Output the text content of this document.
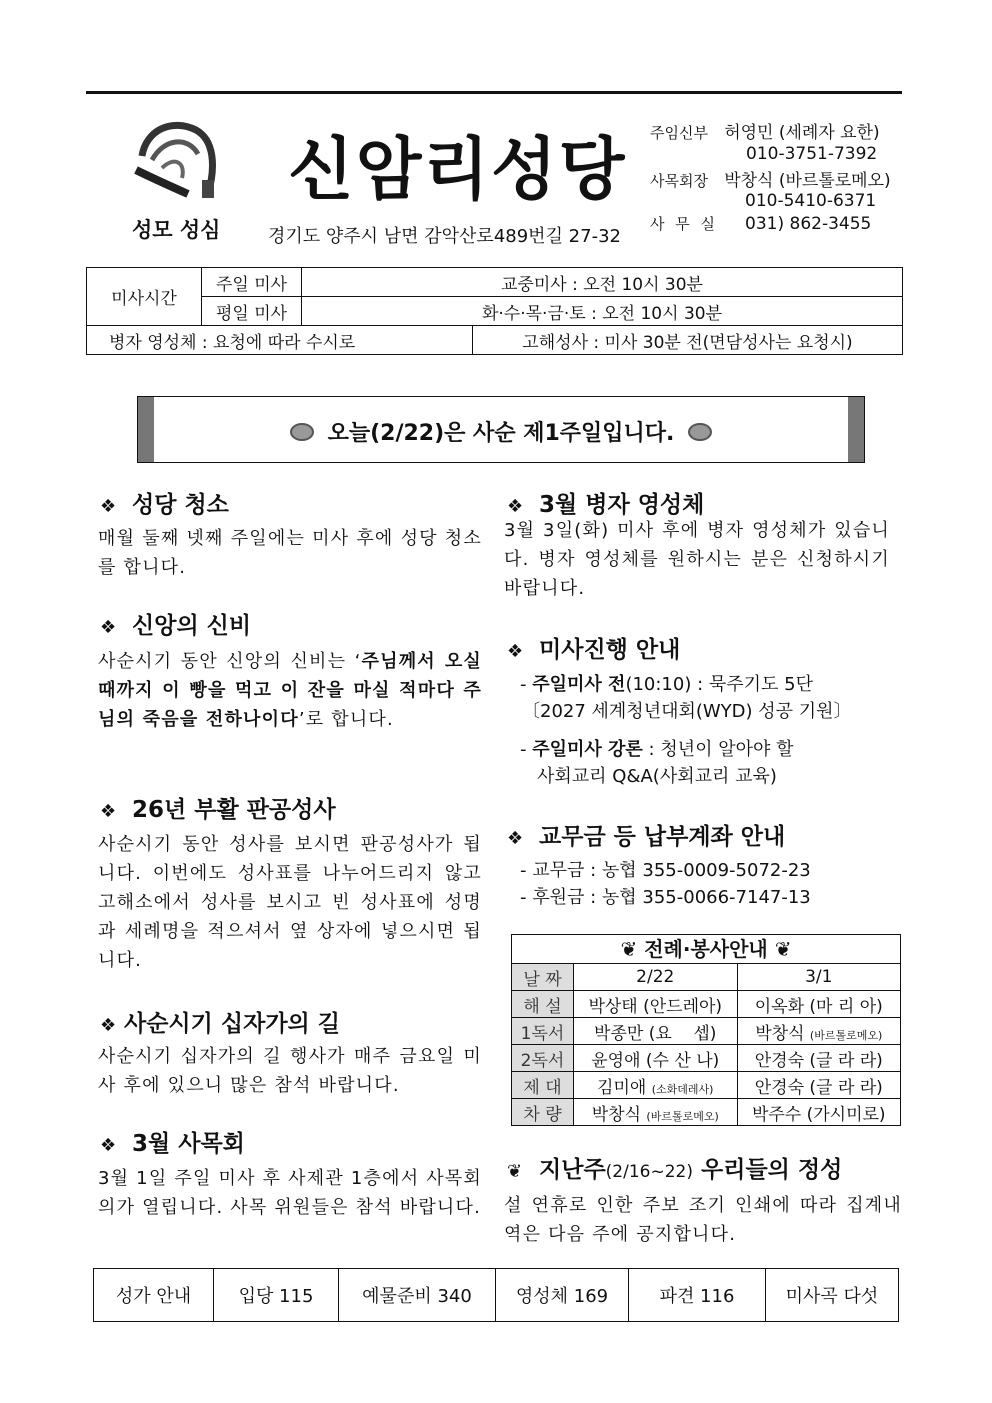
성모 성심
신암리성당
경기도 양주시 남면 감악산로489번길 27-32
주임신부 허영민 (세례자 요한)
010-3751-7392
사목회장 박창식 (바르톨로메오)
010-5410-6371
사 무 실 031) 862-3455
미사시간	주일 미사	교중미사 : 오전 10시 30분	
	평일 미사	화·수·목·금·토 : 오전 10시 30분	
병자 영성체 : 요청에 따라 수시로			고해성사 : 미사 30분 전(면담성사는 요청시)
오늘(2/22)은 사순 제1주일입니다.
❖ 성당 청소
매월 둘째 넷째 주일에는 미사 후에 성당 청소를 합니다.
❖ 신앙의 신비
사순시기 동안 신앙의 신비는 ‘주님께서 오실 때까지 이 빵을 먹고 이 잔을 마실 적마다 주님의 죽음을 전하나이다’로 합니다.
❖ 26년 부활 판공성사
사순시기 동안 성사를 보시면 판공성사가 됩니다. 이번에도 성사표를 나누어드리지 않고 고해소에서 성사를 보시고 빈 성사표에 성명과 세례명을 적으셔서 옆 상자에 넣으시면 됩니다.
❖ 사순시기 십자가의 길
사순시기 십자가의 길 행사가 매주 금요일 미사 후에 있으니 많은 참석 바랍니다.
❖ 3월 사목회
3월 1일 주일 미사 후 사제관 1층에서 사목회의가 열립니다. 사목 위원들은 참석 바랍니다.
❖ 3월 병자 영성체
3월 3일(화) 미사 후에 병자 영성체가 있습니다. 병자 영성체를 원하시는 분은 신청하시기 바랍니다.
❖ 미사진행 안내
- 주일미사 전(10:10) : 묵주기도 5단
〔2027 세계청년대회(WYD) 성공 기원〕
- 주일미사 강론 : 청년이 알아야 할
사회교리 Q&A(사회교리 교육)
❖ 교무금 등 납부계좌 안내
- 교무금 : 농협 355-0009-5072-23
- 후원금 : 농협 355-0066-7147-13
❦ 전례·봉사안내 ❦
날 짜	2/22	3/1
해 설	박상태 (안드레아)	이옥화 (마 리 아)
1독서	박종만 (요    셉)	박창식 (바르톨로메오)
2독서	윤영애 (수 산 나)	안경숙 (글 라 라)
제 대	김미애 (소화데레사)	안경숙 (글 라 라)
차 량	박창식 (바르톨로메오)	박주수 (가시미로)
❦ 지난주(2/16~22) 우리들의 정성
설 연휴로 인한 주보 조기 인쇄에 따라 집계내역은 다음 주에 공지합니다.
성가 안내	입당 115	예물준비 340	영성체 169	파견 116	미사곡 다섯
